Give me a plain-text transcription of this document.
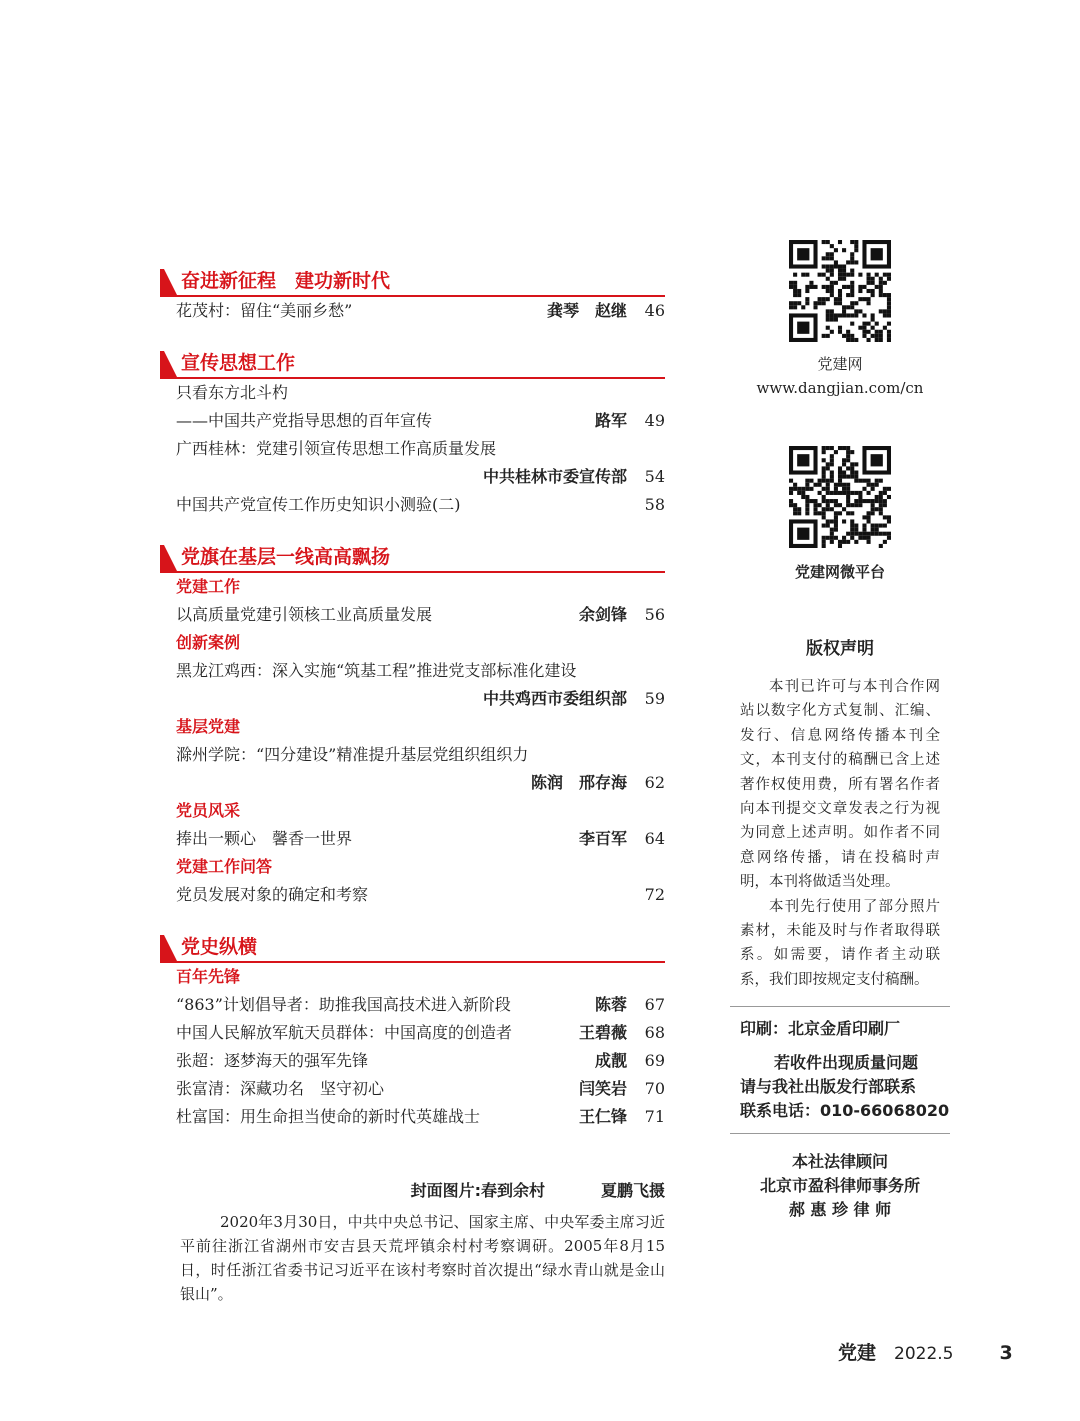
奋进新征程　建功新时代
花茂村：留住“美丽乡愁”	龚琴　赵继	46
宣传思想工作
只看东方北斗杓
——中国共产党指导思想的百年宣传	路军	49
广西桂林：党建引领宣传思想工作高质量发展
中共桂林市委宣传部	54
中国共产党宣传工作历史知识小测验(二)	58
党旗在基层一线高高飘扬
党建工作
以高质量党建引领核工业高质量发展	余剑锋	56
创新案例
黑龙江鸡西：深入实施“筑基工程”推进党支部标准化建设
中共鸡西市委组织部	59
基层党建
滁州学院：“四分建设”精准提升基层党组织组织力
陈润　邢存海	62
党员风采
捧出一颗心　馨香一世界	李百军	64
党建工作问答
党员发展对象的确定和考察	72
党史纵横
百年先锋
“863”计划倡导者：助推我国高技术进入新阶段	陈蓉	67
中国人民解放军航天员群体：中国高度的创造者	王碧薇	68
张超：逐梦海天的强军先锋	成靓	69
张富清：深藏功名　坚守初心	闫笑岩	70
杜富国：用生命担当使命的新时代英雄战士	王仁锋	71
封面图片:春到余村	夏鹏飞摄

2020年3月30日，中共中央总书记、国家主席、中央军委主席习近平前往浙江省湖州市安吉县天荒坪镇余村村考察调研。2005年8月15日，时任浙江省委书记习近平在该村考察时首次提出“绿水青山就是金山银山”。

党建网
www.dangjian.com/cn
党建网微平台
版权声明

本刊已许可与本刊合作网站以数字化方式复制、汇编、发行、信息网络传播本刊全文，本刊支付的稿酬已含上述著作权使用费，所有署名作者向本刊提交文章发表之行为视为同意上述声明。如作者不同意网络传播，请在投稿时声明，本刊将做适当处理。

本刊先行使用了部分照片素材，未能及时与作者取得联系。如需要，请作者主动联系，我们即按规定支付稿酬。

印刷：北京金盾印刷厂
若收件出现质量问题
请与我社出版发行部联系
联系电话：010-66068020
本社法律顾问
北京市盈科律师事务所
郝 惠 珍 律 师
党建 2022.5 3
